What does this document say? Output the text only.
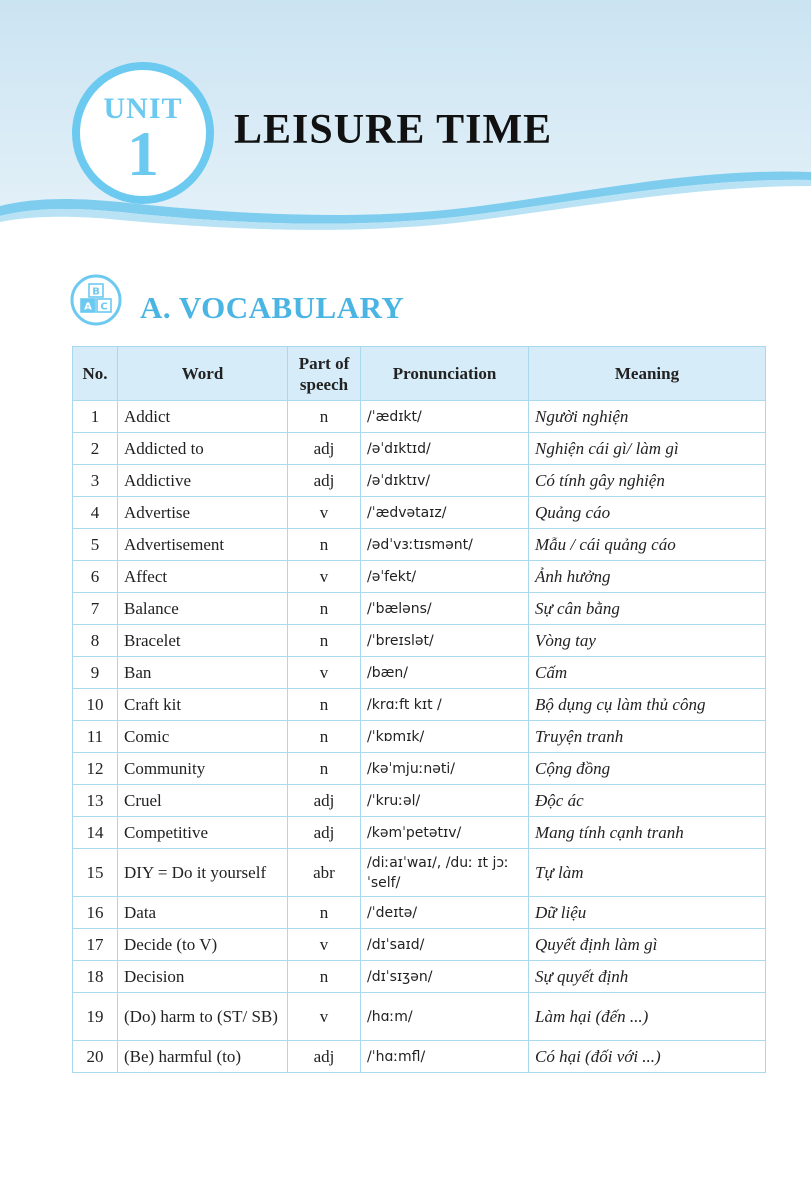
UNIT
1	LEISURE TIME
B
A C A. VOCABULARY
No.	Word	Part of speech	Pronunciation	Meaning
1	Addict	n	/ˈædɪkt/	Người nghiện
2	Addicted to	adj	/əˈdɪktɪd/	Nghiện cái gì/ làm gì
3	Addictive	adj	/əˈdɪktɪv/	Có tính gây nghiện
4	Advertise	v	/ˈædvətaɪz/	Quảng cáo
5	Advertisement	n	/ədˈvɜːtɪsmənt/	Mẫu / cái quảng cáo
6	Affect	v	/əˈfekt/	Ảnh hưởng
7	Balance	n	/ˈbæləns/	Sự cân bằng
8	Bracelet	n	/ˈbreɪslət/	Vòng tay
9	Ban	v	/bæn/	Cấm
10	Craft kit	n	/krɑːft kɪt /	Bộ dụng cụ làm thủ công
11	Comic	n	/ˈkɒmɪk/	Truyện tranh
12	Community	n	/kəˈmjuːnəti/	Cộng đồng
13	Cruel	adj	/ˈkruːəl/	Độc ác
14	Competitive	adj	/kəmˈpetətɪv/	Mang tính cạnh tranh
15	DIY = Do it yourself	abr	/diːaɪˈwaɪ/, /duː ɪt jɔːˈself/	Tự làm
16	Data	n	/ˈdeɪtə/	Dữ liệu
17	Decide (to V)	v	/dɪˈsaɪd/	Quyết định làm gì
18	Decision	n	/dɪˈsɪʒən/	Sự quyết định
19	(Do) harm to (ST/ SB)	v	/hɑːm/	Làm hại (đến ...)
20	(Be) harmful (to)	adj	/ˈhɑːmfl/	Có hại (đối với ...)
